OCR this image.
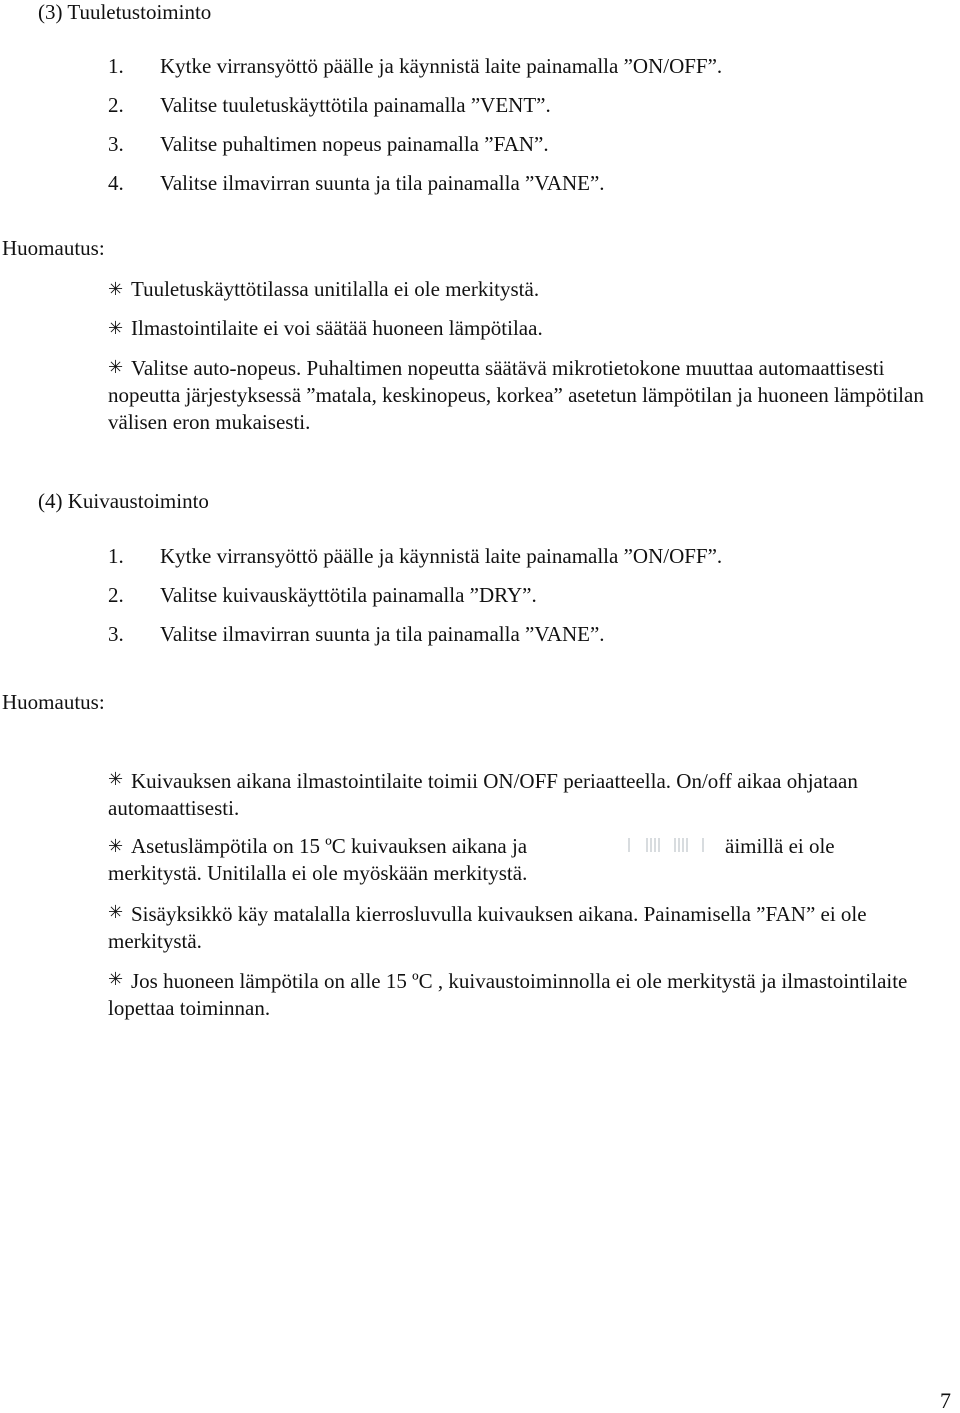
(3) Tuuletustoiminto
1. Kytke virransyöttö päälle ja käynnistä laite painamalla ”ON/OFF”.
2. Valitse tuuletuskäyttötila painamalla ”VENT”.
3. Valitse puhaltimen nopeus painamalla ”FAN”.
4. Valitse ilmavirran suunta ja tila painamalla ”VANE”.
Huomautus:
✳ Tuuletuskäyttötilassa unitilalla ei ole merkitystä.
✳ Ilmastointilaite ei voi säätää huoneen lämpötilaa.
✳ Valitse auto-nopeus. Puhaltimen nopeutta säätävä mikrotietokone muuttaa automaattisesti nopeutta järjestyksessä ”matala, keskinopeus, korkea” asetetun lämpötilan ja huoneen lämpötilan välisen eron mukaisesti.
(4) Kuivaustoiminto
1. Kytke virransyöttö päälle ja käynnistä laite painamalla ”ON/OFF”.
2. Valitse kuivauskäyttötila painamalla ”DRY”.
3. Valitse ilmavirran suunta ja tila painamalla ”VANE”.
Huomautus:
✳ Kuivauksen aikana ilmastointilaite toimii ON/OFF periaatteella. On/off aikaa ohjataan automaattisesti.
✳ Asetuslämpötila on 15 ºC kuivauksen aikana ja	äimillä ei ole
merkitystä. Unitilalla ei ole myöskään merkitystä.
✳ Sisäyksikkö käy matalalla kierrosluvulla kuivauksen aikana. Painamisella ”FAN” ei ole merkitystä.
✳ Jos huoneen lämpötila on alle 15 ºC , kuivaustoiminnolla ei ole merkitystä ja ilmastointilaite lopettaa toiminnan.
7
